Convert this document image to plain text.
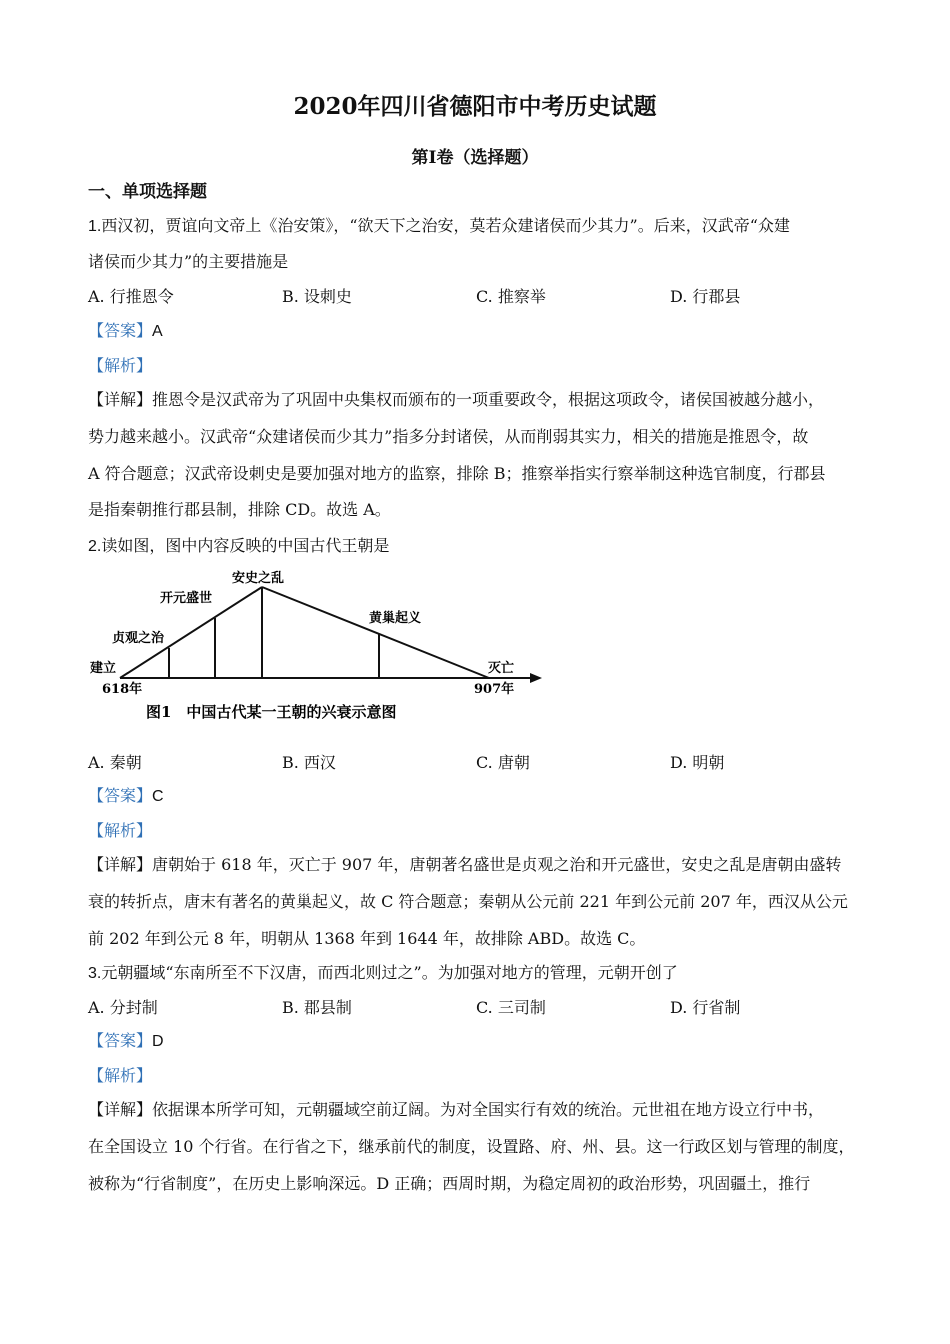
2020年四川省德阳市中考历史试题
第Ⅰ卷（选择题）
一、单项选择题
1.西汉初，贾谊向文帝上《治安策》，“欲天下之治安，莫若众建诸侯而少其力”。后来，汉武帝“众建
诸侯而少其力”的主要措施是
A. 行推恩令	B. 设刺史	C. 推察举	D. 行郡县
【答案】A
【解析】
【详解】推恩令是汉武帝为了巩固中央集权而颁布的一项重要政令，根据这项政令，诸侯国被越分越小，
势力越来越小。汉武帝“众建诸侯而少其力”指多分封诸侯，从而削弱其实力，相关的措施是推恩令，故
A 符合题意；汉武帝设刺史是要加强对地方的监察，排除 B；推察举指实行察举制这种选官制度，行郡县
是指秦朝推行郡县制，排除 CD。故选 A。
2.读如图，图中内容反映的中国古代王朝是
建立
618年
贞观之治
开元盛世
安史之乱
黄巢起义
灭亡
907年
图1　中国古代某一王朝的兴衰示意图
A. 秦朝	B. 西汉	C. 唐朝	D. 明朝
【答案】C
【解析】
【详解】唐朝始于 618 年，灭亡于 907 年，唐朝著名盛世是贞观之治和开元盛世，安史之乱是唐朝由盛转
衰的转折点，唐末有著名的黄巢起义，故 C 符合题意；秦朝从公元前 221 年到公元前 207 年，西汉从公元
前 202 年到公元 8 年，明朝从 1368 年到 1644 年，故排除 ABD。故选 C。
3.元朝疆域“东南所至不下汉唐，而西北则过之”。为加强对地方的管理，元朝开创了
A. 分封制	B. 郡县制	C. 三司制	D. 行省制
【答案】D
【解析】
【详解】依据课本所学可知，元朝疆域空前辽阔。为对全国实行有效的统治。元世祖在地方设立行中书，
在全国设立 10 个行省。在行省之下，继承前代的制度，设置路、府、州、县。这一行政区划与管理的制度，
被称为“行省制度”，在历史上影响深远。D 正确；西周时期，为稳定周初的政治形势，巩固疆土，推行
